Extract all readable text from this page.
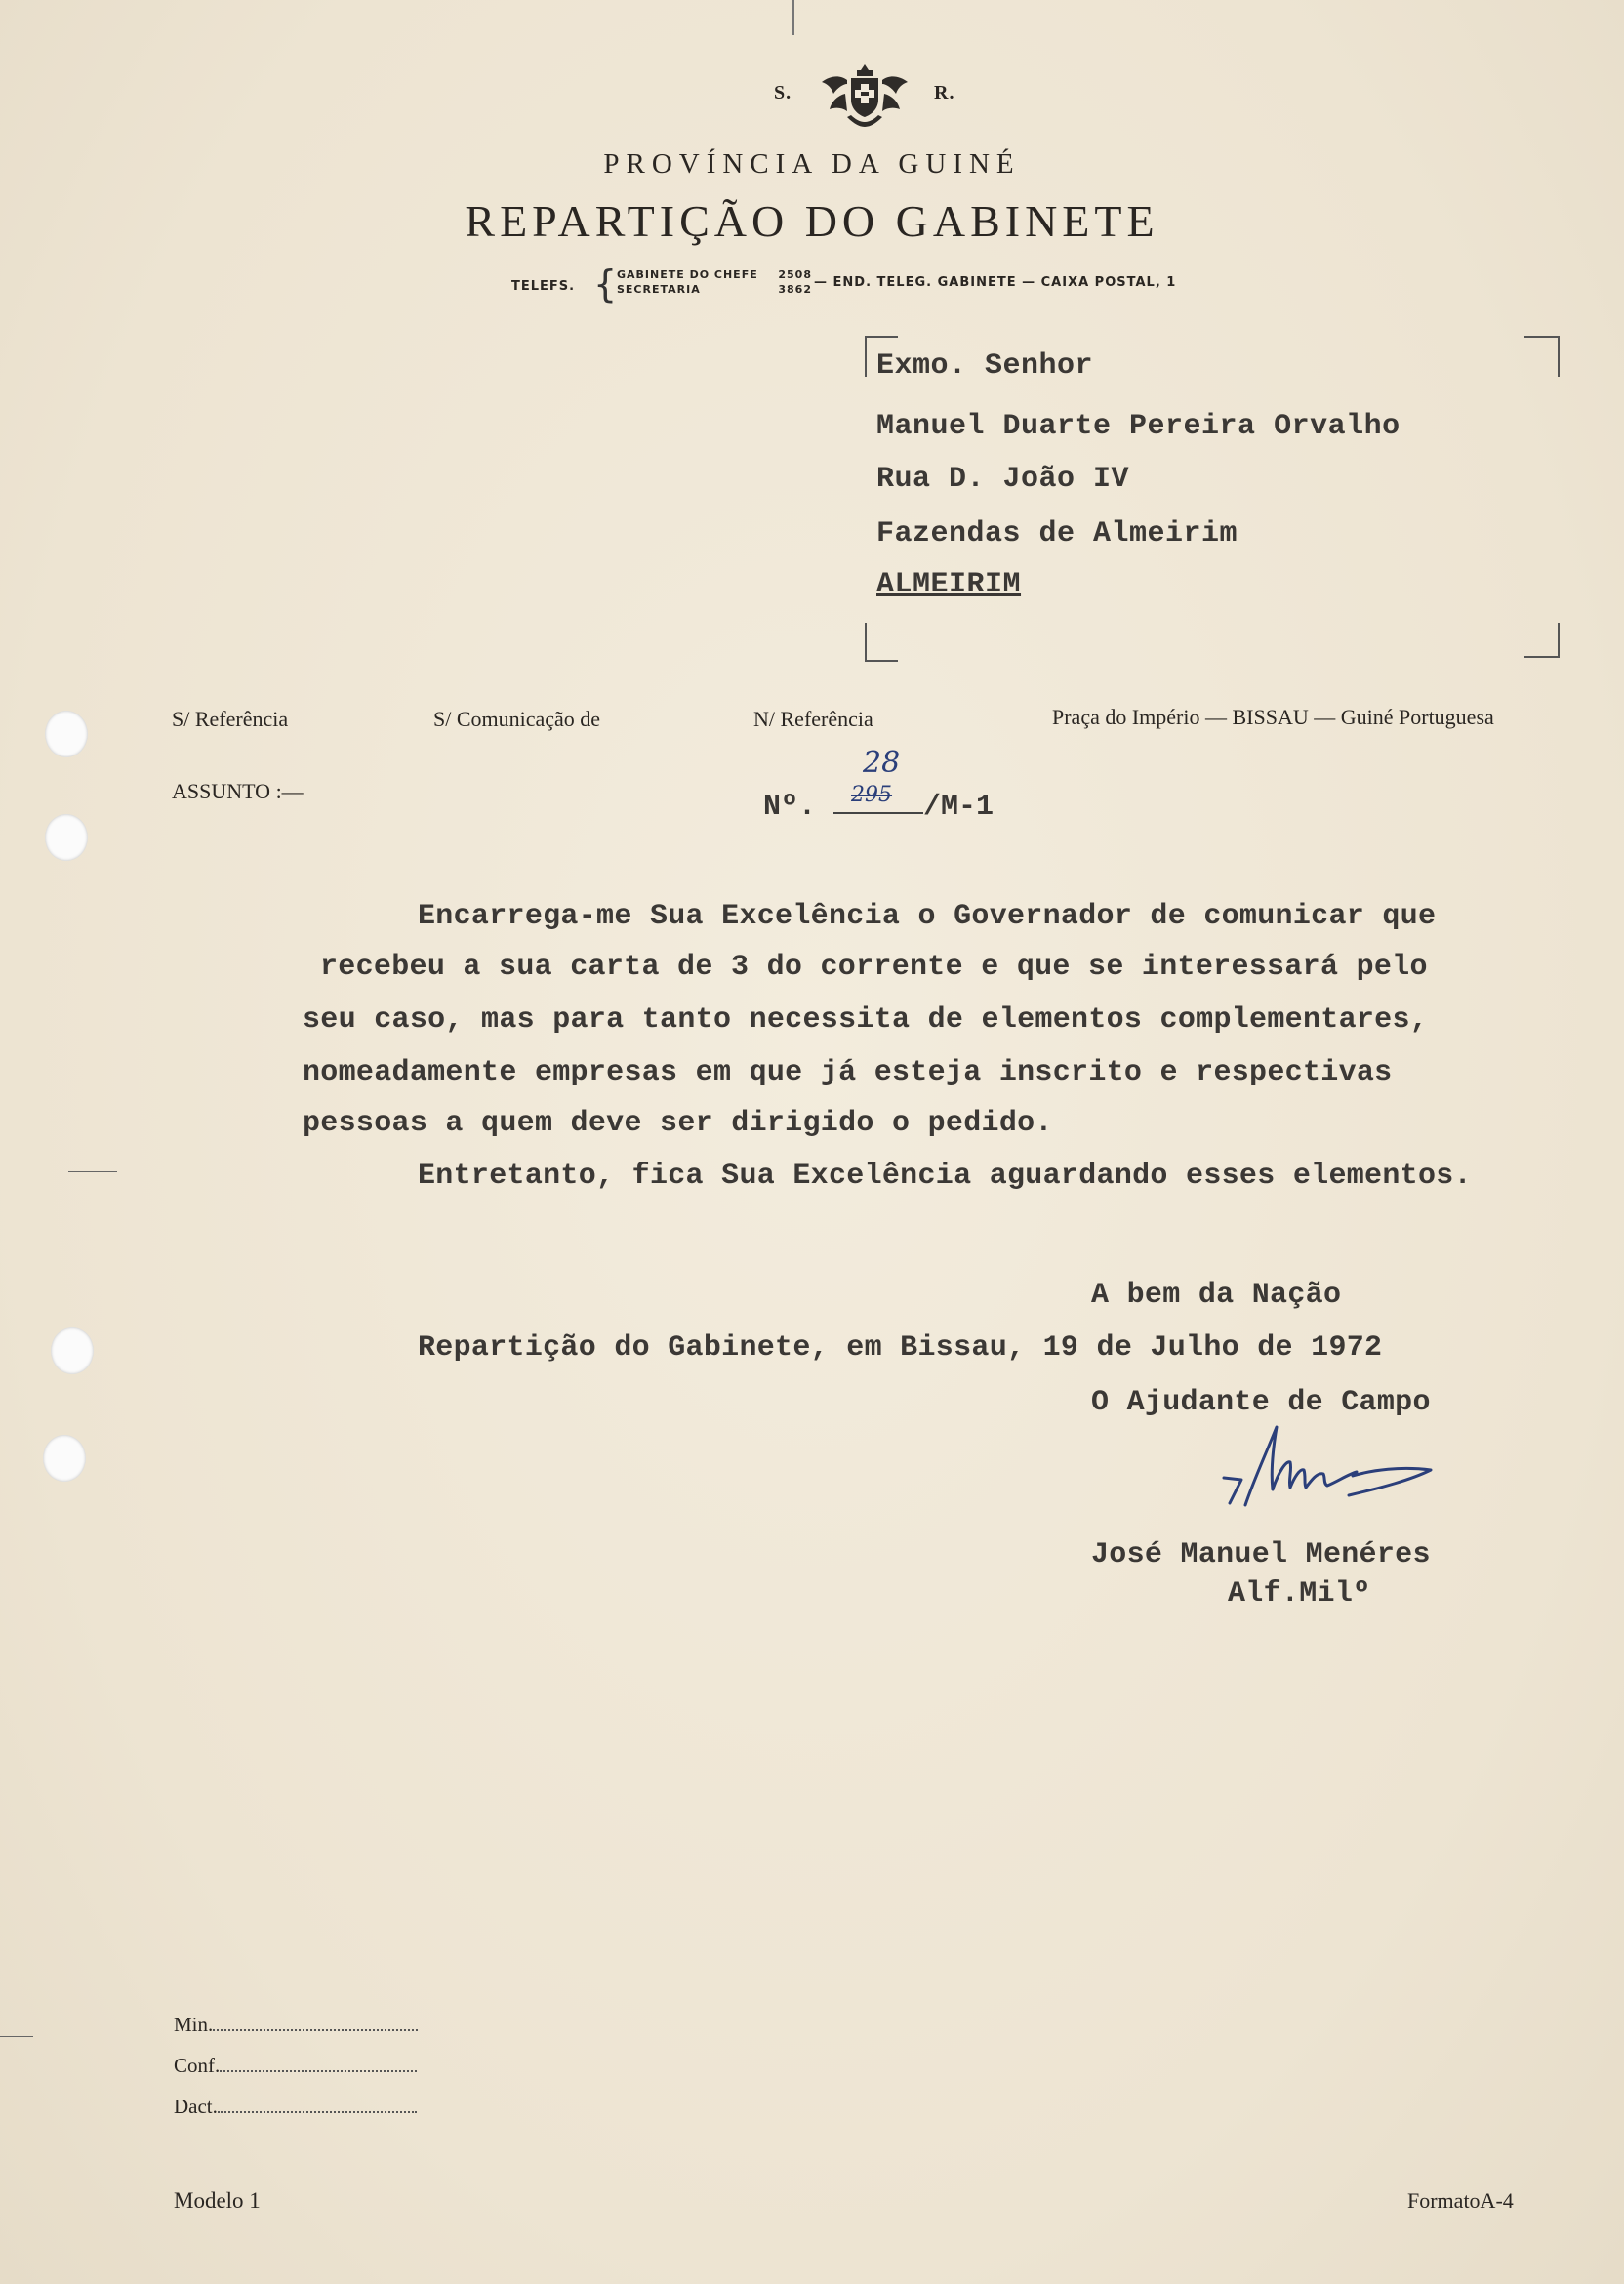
S.	R.
PROVÍNCIA DA GUINÉ
REPARTIÇÃO DO GABINETE
TELEFS. { GABINETE DO CHEFE 2508
SECRETARIA	3862 — END. TELEG. GABINETE — CAIXA POSTAL, 1
Exmo. Senhor
Manuel Duarte Pereira Orvalho
Rua D. João IV
Fazendas de Almeirim
ALMEIRIM
S/ Referência	S/ Comunicação de	N/ Referência	Praça do Império — BISSAU — Guiné Portuguesa
ASSUNTO :—	Nº. 295
28
/M-1
Encarrega-me Sua Excelência o Governador de comunicar que
recebeu a sua carta de 3 do corrente e que se interessará pelo
seu caso, mas para tanto necessita de elementos complementares,
nomeadamente empresas em que já esteja inscrito e respectivas
pessoas a quem deve ser dirigido o pedido.
Entretanto, fica Sua Excelência aguardando esses elementos.
A bem da Nação
Repartição do Gabinete, em Bissau, 19 de Julho de 1972
O Ajudante de Campo
José Manuel Menéres
Alf.Milº
Min.
Conf.
Dact.
Modelo 1	FormatoA-4
